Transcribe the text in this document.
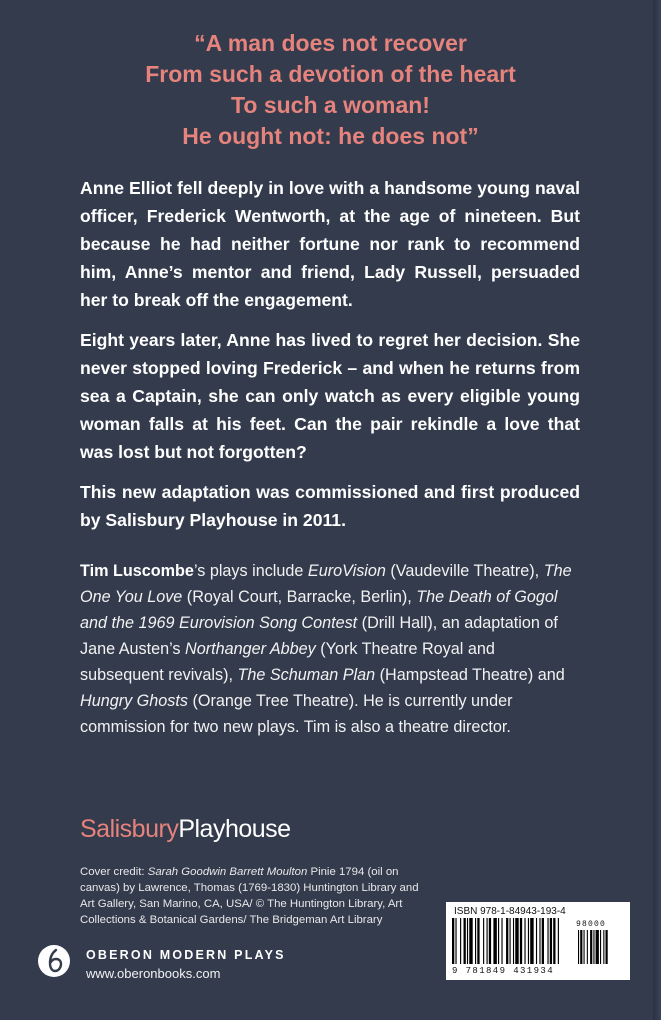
“A man does not recover
From such a devotion of the heart
To such a woman!
He ought not: he does not”

Anne Elliot fell deeply in love with a handsome young naval officer, Frederick Wentworth, at the age of nineteen. But because he had neither fortune nor rank to recommend him, Anne’s mentor and friend, Lady Russell, persuaded her to break off the engagement.

Eight years later, Anne has lived to regret her decision. She never stopped loving Frederick – and when he returns from sea a Captain, she can only watch as every eligible young woman falls at his feet. Can the pair rekindle a love that was lost but not forgotten?

This new adaptation was commissioned and first produced by Salisbury Playhouse in 2011.

Tim Luscombe’s plays include EuroVision (Vaudeville Theatre), The One You Love (Royal Court, Barracke, Berlin), The Death of Gogol and the 1969 Eurovision Song Contest (Drill Hall), an adaptation of Jane Austen’s Northanger Abbey (York Theatre Royal and subsequent revivals), The Schuman Plan (Hampstead Theatre) and Hungry Ghosts (Orange Tree Theatre). He is currently under commission for two new plays. Tim is also a theatre director.

SalisburyPlayhouse

Cover credit: Sarah Goodwin Barrett Moulton Pinie 1794 (oil on canvas) by Lawrence, Thomas (1769-1830) Huntington Library and Art Gallery, San Marino, CA, USA/ © The Huntington Library, Art Collections & Botanical Gardens/ The Bridgeman Art Library

OBERON MODERN PLAYS
www.oberonbooks.com
ISBN 978-1-84943-193-4
9 781849 431934
98000
